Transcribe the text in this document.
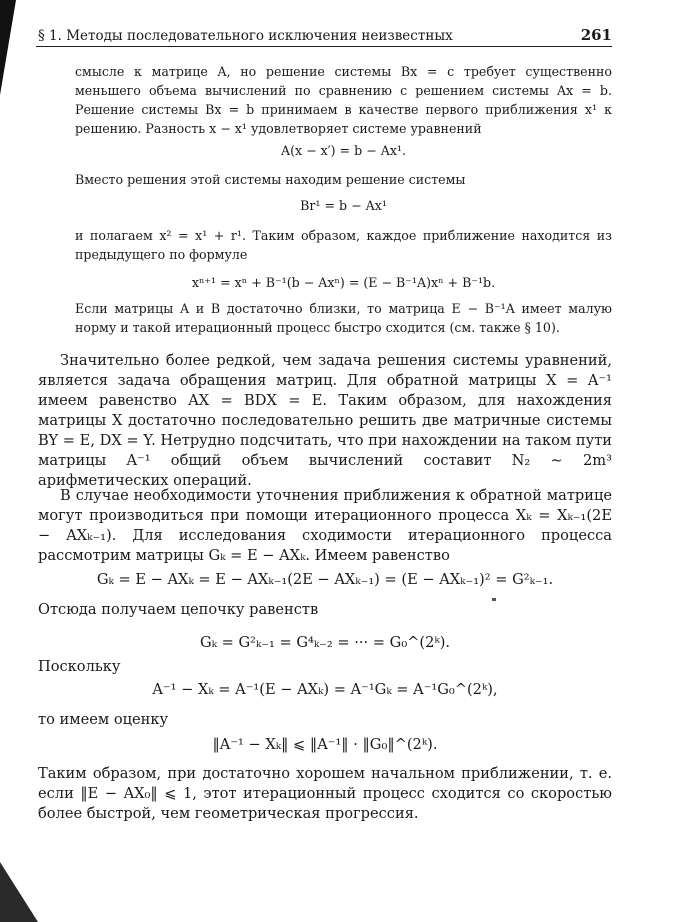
§ 1. Методы последовательного исключения неизвестных	261

смысле к матрице A, но решение системы Bx = c требует существенно меньшего объема вычислений по сравнению с решением системы Ax = b. Решение системы Bx = b принимаем в качестве первого приближения x¹ к решению. Разность x − x¹ удовлетворяет системе уравнений

A(x − x′) = b − Ax¹.

Вместо решения этой системы находим решение системы

Br¹ = b − Ax¹

и полагаем x² = x¹ + r¹. Таким образом, каждое приближение находится из предыдущего по формуле

xⁿ⁺¹ = xⁿ + B⁻¹(b − Axⁿ) = (E − B⁻¹A)xⁿ + B⁻¹b.

Если матрицы A и B достаточно близки, то матрица E − B⁻¹A имеет малую норму и такой итерационный процесс быстро сходится (см. также § 10).

Значительно более редкой, чем задача решения системы уравнений, является задача обращения матриц. Для обратной матрицы X = A⁻¹ имеем равенство AX = BDX = E. Таким образом, для нахождения матрицы X достаточно последовательно решить две матричные системы BY = E, DX = Y. Нетрудно подсчитать, что при нахождении на таком пути матрицы A⁻¹ общий объем вычислений составит N₂ ∼ 2m³ арифметических операций.

В случае необходимости уточнения приближения к обратной матрице могут производиться при помощи итерационного процесса Xₖ = Xₖ₋₁(2E − AXₖ₋₁). Для исследования сходимости итерационного процесса рассмотрим матрицы Gₖ = E − AXₖ. Имеем равенство

Gₖ = E − AXₖ = E − AXₖ₋₁(2E − AXₖ₋₁) = (E − AXₖ₋₁)² = G²ₖ₋₁.

Отсюда получаем цепочку равенств

Gₖ = G²ₖ₋₁ = G⁴ₖ₋₂ = ··· = G₀^(2ᵏ).

Поскольку

A⁻¹ − Xₖ = A⁻¹(E − AXₖ) = A⁻¹Gₖ = A⁻¹G₀^(2ᵏ),

то имеем оценку

‖A⁻¹ − Xₖ‖ ⩽ ‖A⁻¹‖ · ‖G₀‖^(2ᵏ).

Таким образом, при достаточно хорошем начальном приближении, т. е. если ‖E − AX₀‖ ⩽ 1, этот итерационный процесс сходится со скоростью более быстрой, чем геометрическая прогрессия.
